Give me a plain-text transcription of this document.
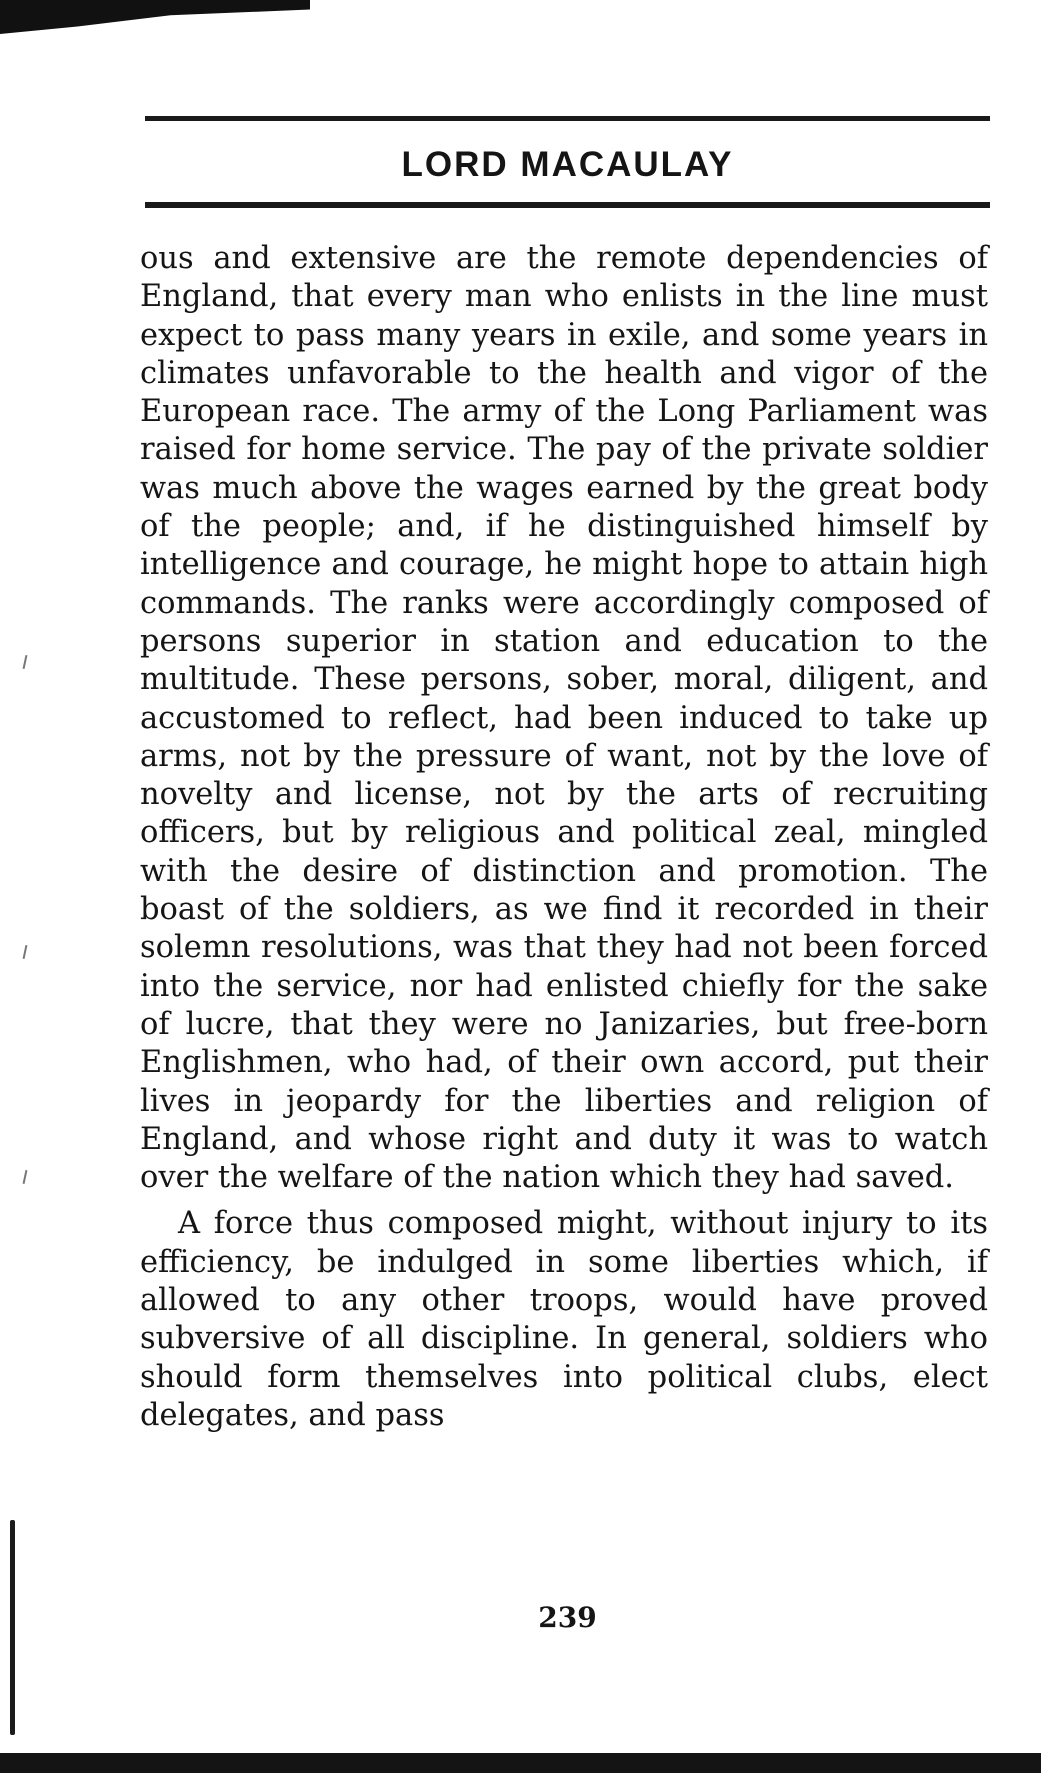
LORD MACAULAY

ous and extensive are the remote dependencies of England, that every man who enlists in the line must expect to pass many years in exile, and some years in climates unfavorable to the health and vigor of the European race. The army of the Long Parliament was raised for home service. The pay of the private soldier was much above the wages earned by the great body of the people; and, if he distinguished himself by intelligence and courage, he might hope to attain high commands. The ranks were accordingly composed of persons superior in station and education to the multitude. These persons, sober, moral, diligent, and accustomed to reflect, had been induced to take up arms, not by the pressure of want, not by the love of novelty and license, not by the arts of recruiting officers, but by religious and political zeal, mingled with the desire of distinction and promotion. The boast of the soldiers, as we find it recorded in their solemn resolutions, was that they had not been forced into the service, nor had enlisted chiefly for the sake of lucre, that they were no Janizaries, but free-born Englishmen, who had, of their own accord, put their lives in jeopardy for the liberties and religion of England, and whose right and duty it was to watch over the welfare of the nation which they had saved.

A force thus composed might, without injury to its efficiency, be indulged in some liberties which, if allowed to any other troops, would have proved subversive of all discipline. In general, soldiers who should form themselves into political clubs, elect delegates, and pass

239
